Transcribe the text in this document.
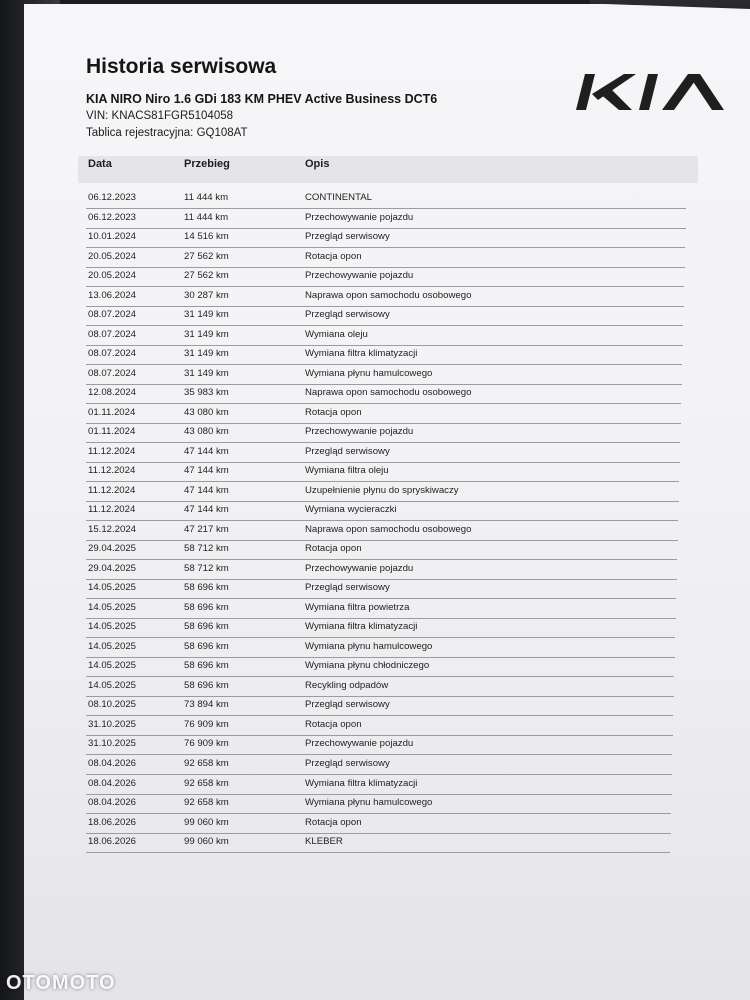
Historia serwisowa
KIA NIRO Niro 1.6 GDi 183 KM PHEV Active Business DCT6
VIN: KNACS81FGR5104058
Tablica rejestracyjna: GQ108AT
Data	Przebieg	Opis
06.12.2023	11 444 km	CONTINENTAL
06.12.2023	11 444 km	Przechowywanie pojazdu
10.01.2024	14 516 km	Przegląd serwisowy
20.05.2024	27 562 km	Rotacja opon
20.05.2024	27 562 km	Przechowywanie pojazdu
13.06.2024	30 287 km	Naprawa opon samochodu osobowego
08.07.2024	31 149 km	Przegląd serwisowy
08.07.2024	31 149 km	Wymiana oleju
08.07.2024	31 149 km	Wymiana filtra klimatyzacji
08.07.2024	31 149 km	Wymiana płynu hamulcowego
12.08.2024	35 983 km	Naprawa opon samochodu osobowego
01.11.2024	43 080 km	Rotacja opon
01.11.2024	43 080 km	Przechowywanie pojazdu
11.12.2024	47 144 km	Przegląd serwisowy
11.12.2024	47 144 km	Wymiana filtra oleju
11.12.2024	47 144 km	Uzupełnienie płynu do spryskiwaczy
11.12.2024	47 144 km	Wymiana wycieraczki
15.12.2024	47 217 km	Naprawa opon samochodu osobowego
29.04.2025	58 712 km	Rotacja opon
29.04.2025	58 712 km	Przechowywanie pojazdu
14.05.2025	58 696 km	Przegląd serwisowy
14.05.2025	58 696 km	Wymiana filtra powietrza
14.05.2025	58 696 km	Wymiana filtra klimatyzacji
14.05.2025	58 696 km	Wymiana płynu hamulcowego
14.05.2025	58 696 km	Wymiana płynu chłodniczego
14.05.2025	58 696 km	Recykling odpadów
08.10.2025	73 894 km	Przegląd serwisowy
31.10.2025	76 909 km	Rotacja opon
31.10.2025	76 909 km	Przechowywanie pojazdu
08.04.2026	92 658 km	Przegląd serwisowy
08.04.2026	92 658 km	Wymiana filtra klimatyzacji
08.04.2026	92 658 km	Wymiana płynu hamulcowego
18.06.2026	99 060 km	Rotacja opon
18.06.2026	99 060 km	KLEBER
OTOMOTO
